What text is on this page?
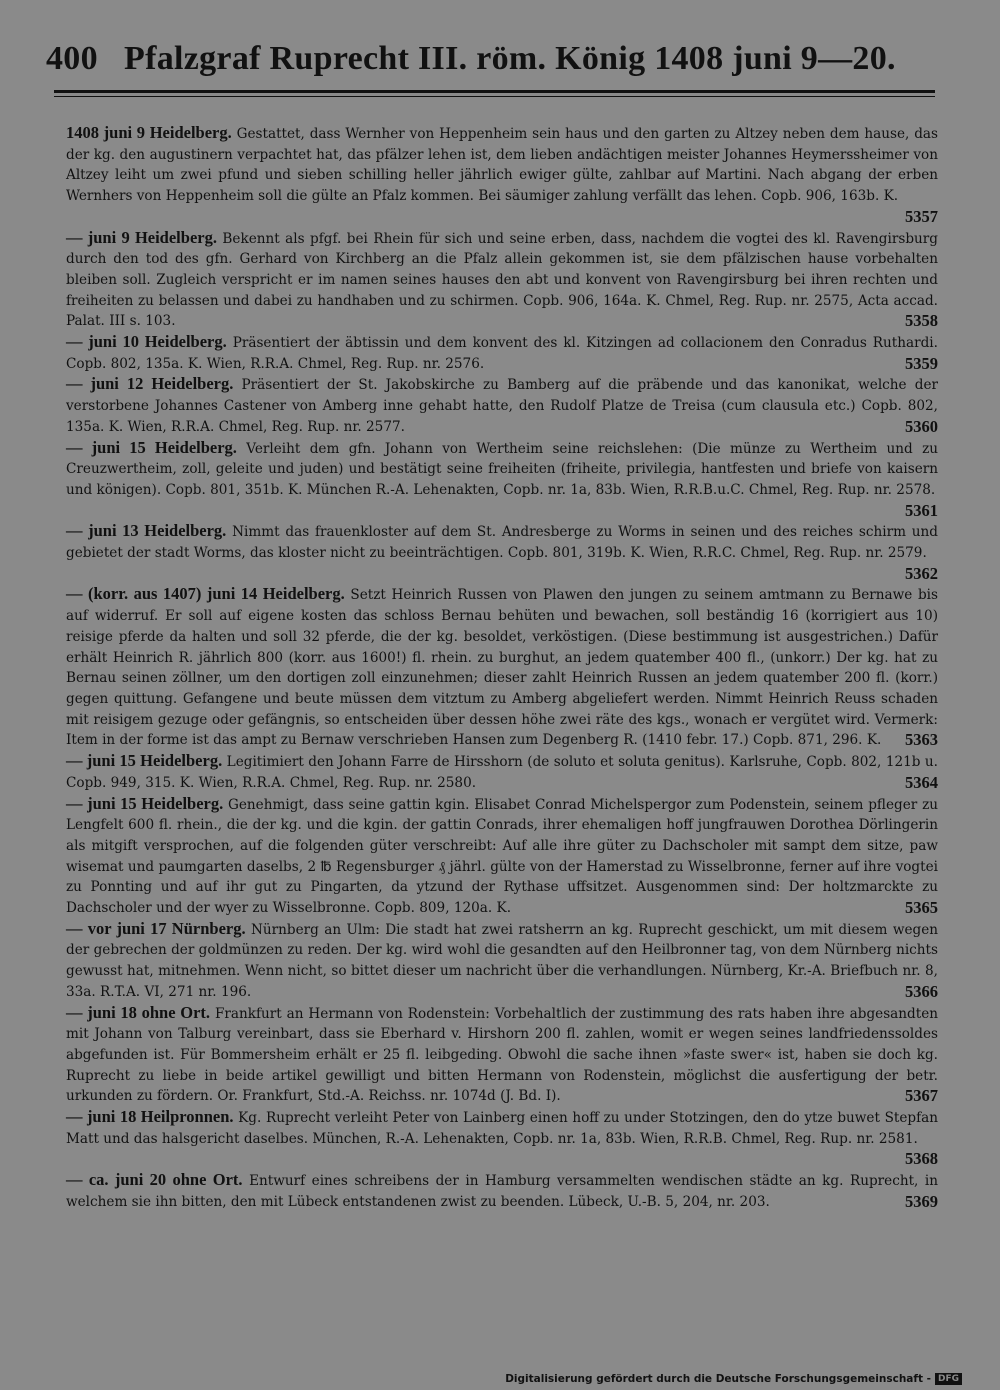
400 Pfalzgraf Ruprecht III. röm. König 1408 juni 9—20.

1408 juni 9 Heidelberg. Gestattet, dass Wernher von Heppenheim sein haus und den garten zu Altzey neben dem hause, das der kg. den augustinern verpachtet hat, das pfälzer lehen ist, dem lieben andächtigen meister Johannes Heymerssheimer von Altzey leiht um zwei pfund und sieben schilling heller jährlich ewiger gülte, zahlbar auf Martini. Nach abgang der erben Wernhers von Heppenheim soll die gülte an Pfalz kommen. Bei säumiger zahlung verfällt das lehen. Copb. 906, 163b. K.
5357

— juni 9 Heidelberg. Bekennt als pfgf. bei Rhein für sich und seine erben, dass, nachdem die vogtei des kl. Ravengirsburg durch den tod des gfn. Gerhard von Kirchberg an die Pfalz allein gekommen ist, sie dem pfälzischen hause vorbehalten bleiben soll. Zugleich verspricht er im namen seines hauses den abt und konvent von Ravengirsburg bei ihren rechten und freiheiten zu belassen und dabei zu handhaben und zu schirmen. Copb. 906, 164a. K. Chmel, Reg. Rup. nr. 2575, Acta accad. Palat. III s. 103.	5358

— juni 10 Heidelberg. Präsentiert der äbtissin und dem konvent des kl. Kitzingen ad collacionem den Conradus Ruthardi. Copb. 802, 135a. K. Wien, R.R.A. Chmel, Reg. Rup. nr. 2576.	5359

— juni 12 Heidelberg. Präsentiert der St. Jakobskirche zu Bamberg auf die präbende und das kanonikat, welche der verstorbene Johannes Castener von Amberg inne gehabt hatte, den Rudolf Platze de Treisa (cum clausula etc.) Copb. 802, 135a. K. Wien, R.R.A. Chmel, Reg. Rup. nr. 2577.	5360

— juni 15 Heidelberg. Verleiht dem gfn. Johann von Wertheim seine reichslehen: (Die münze zu Wertheim und zu Creuzwertheim, zoll, geleite und juden) und bestätigt seine freiheiten (friheite, privilegia, hantfesten und briefe von kaisern und königen). Copb. 801, 351b. K. München R.-A. Lehenakten, Copb. nr. 1a, 83b. Wien, R.R.B.u.C. Chmel, Reg. Rup. nr. 2578.
5361

— juni 13 Heidelberg. Nimmt das frauenkloster auf dem St. Andresberge zu Worms in seinen und des reiches schirm und gebietet der stadt Worms, das kloster nicht zu beeinträchtigen. Copb. 801, 319b. K. Wien, R.R.C. Chmel, Reg. Rup. nr. 2579.
5362

— (korr. aus 1407) juni 14 Heidelberg. Setzt Heinrich Russen von Plawen den jungen zu seinem amtmann zu Bernawe bis auf widerruf. Er soll auf eigene kosten das schloss Bernau behüten und bewachen, soll beständig 16 (korrigiert aus 10) reisige pferde da halten und soll 32 pferde, die der kg. besoldet, verköstigen. (Diese bestimmung ist ausgestrichen.) Dafür erhält Heinrich R. jährlich 800 (korr. aus 1600!) fl. rhein. zu burghut, an jedem quatember 400 fl., (unkorr.) Der kg. hat zu Bernau seinen zöllner, um den dortigen zoll einzunehmen; dieser zahlt Heinrich Russen an jedem quatember 200 fl. (korr.) gegen quittung. Gefangene und beute müssen dem vitztum zu Amberg abgeliefert werden. Nimmt Heinrich Reuss schaden mit reisigem gezuge oder gefängnis, so entscheiden über dessen höhe zwei räte des kgs., wonach er vergütet wird. Vermerk: Item in der forme ist das ampt zu Bernaw verschrieben Hansen zum Degenberg R. (1410 febr. 17.) Copb. 871, 296. K. 5363

— juni 15 Heidelberg. Legitimiert den Johann Farre de Hirsshorn (de soluto et soluta genitus). Karlsruhe, Copb. 802, 121b u. Copb. 949, 315. K. Wien, R.R.A. Chmel, Reg. Rup. nr. 2580.	5364

— juni 15 Heidelberg. Genehmigt, dass seine gattin kgin. Elisabet Conrad Michelspergor zum Podenstein, seinem pfleger zu Lengfelt 600 fl. rhein., die der kg. und die kgin. der gattin Conrads, ihrer ehemaligen hoff jungfrauwen Dorothea Dörlingerin als mitgift versprochen, auf die folgenden güter verschreibt: Auf alle ihre güter zu Dachscholer mit sampt dem sitze, paw wisemat und paumgarten daselbs, 2 ℔ Regensburger ₰ jährl. gülte von der Hamerstad zu Wisselbronne, ferner auf ihre vogtei zu Ponnting und auf ihr gut zu Pingarten, da ytzund der Rythase uffsitzet. Ausgenommen sind: Der holtzmarckte zu Dachscholer und der wyer zu Wisselbronne. Copb. 809, 120a. K.	5365

— vor juni 17 Nürnberg. Nürnberg an Ulm: Die stadt hat zwei ratsherrn an kg. Ruprecht geschickt, um mit diesem wegen der gebrechen der goldmünzen zu reden. Der kg. wird wohl die gesandten auf den Heilbronner tag, von dem Nürnberg nichts gewusst hat, mitnehmen. Wenn nicht, so bittet dieser um nachricht über die verhandlungen. Nürnberg, Kr.-A. Briefbuch nr. 8, 33a. R.T.A. VI, 271 nr. 196.	5366

— juni 18 ohne Ort. Frankfurt an Hermann von Rodenstein: Vorbehaltlich der zustimmung des rats haben ihre abgesandten mit Johann von Talburg vereinbart, dass sie Eberhard v. Hirshorn 200 fl. zahlen, womit er wegen seines landfriedenssoldes abgefunden ist. Für Bommersheim erhält er 25 fl. leibgeding. Obwohl die sache ihnen »faste swer« ist, haben sie doch kg. Ruprecht zu liebe in beide artikel gewilligt und bitten Hermann von Rodenstein, möglichst die ausfertigung der betr. urkunden zu fördern. Or. Frankfurt, Std.-A. Reichss. nr. 1074d (J. Bd. I).	5367

— juni 18 Heilpronnen. Kg. Ruprecht verleiht Peter von Lainberg einen hoff zu under Stotzingen, den do ytze buwet Stepfan Matt und das halsgericht daselbes. München, R.-A. Lehenakten, Copb. nr. 1a, 83b. Wien, R.R.B. Chmel, Reg. Rup. nr. 2581.
5368

— ca. juni 20 ohne Ort. Entwurf eines schreibens der in Hamburg versammelten wendischen städte an kg. Ruprecht, in welchem sie ihn bitten, den mit Lübeck entstandenen zwist zu beenden. Lübeck, U.-B. 5, 204, nr. 203.	5369

Digitalisierung gefördert durch die Deutsche Forschungsgemeinschaft - DFG
